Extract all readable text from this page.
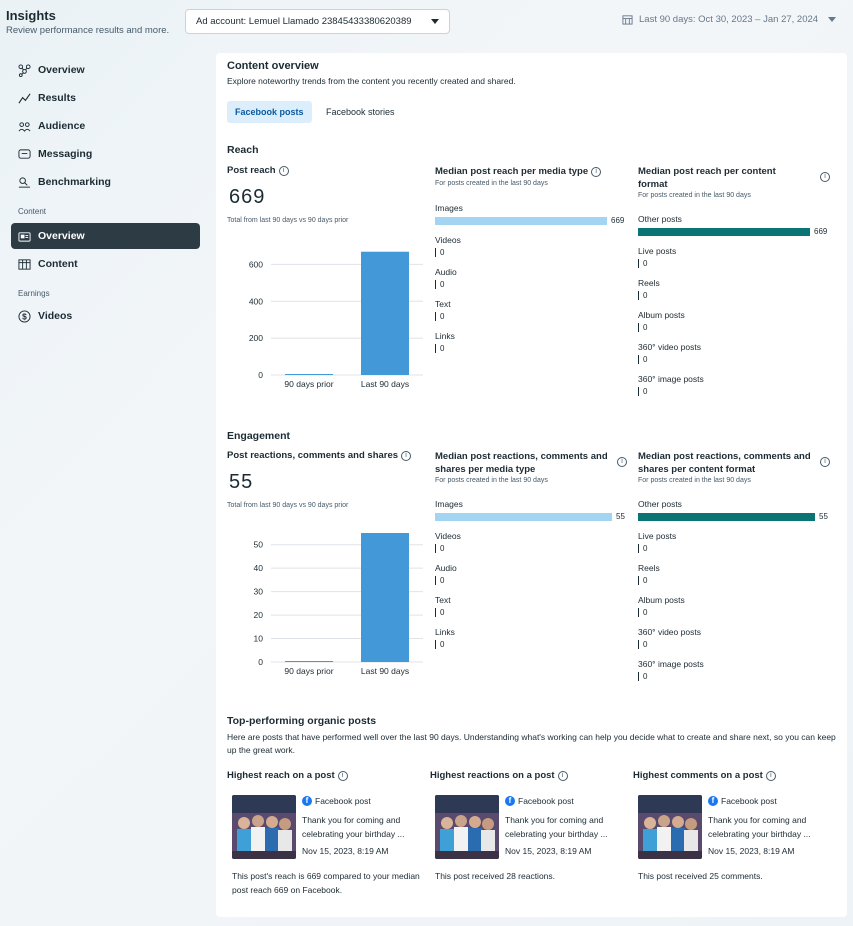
Insights
Review performance results and more.
Ad account: Lemuel Llamado 23845433380620389	Last 90 days: Oct 30, 2023 – Jan 27, 2024
Overview
Results
Audience
Messaging
Benchmarking
Content
Overview
Content
Earnings
$ Videos
Content overview
Explore noteworthy trends from the content you recently created and shared.
Facebook posts	Facebook stories
Reach
Post reach	i
669
Total from last 90 days vs 90 days prior
0
200
400
600
90 days prior	Last 90 days
Median post reach per media type	i
For posts created in the last 90 days
Images
669
Videos
0
Audio
0
Text
0
Links
0
Median post reach per content format
i
For posts created in the last 90 days
Other posts
669
Live posts
0
Reels
0
Album posts
0
360° video posts
0
360° image posts
0
Engagement
Post reactions, comments and shares	i
55
Total from last 90 days vs 90 days prior
0
10
20
30
40
50
90 days prior	Last 90 days
Median post reactions, comments and shares per media type
i
For posts created in the last 90 days
Images
55
Videos
0
Audio
0
Text
0
Links
0
Median post reactions, comments and shares per content format
i
For posts created in the last 90 days
Other posts
55
Live posts
0
Reels
0
Album posts
0
360° video posts
0
360° image posts
0
Top-performing organic posts
Here are posts that have performed well over the last 90 days. Understanding what's working can help you decide what to create and share next, so you can keep up the great work.
Highest reach on a post	i
f Facebook post
Thank you for coming and celebrating your birthday ...
Nov 15, 2023, 8:19 AM
This post's reach is 669 compared to your median post reach 669 on Facebook.
Highest reactions on a post	i
f Facebook post
Thank you for coming and celebrating your birthday ...
Nov 15, 2023, 8:19 AM
This post received 28 reactions.
Highest comments on a post	i
f Facebook post
Thank you for coming and celebrating your birthday ...
Nov 15, 2023, 8:19 AM
This post received 25 comments.
